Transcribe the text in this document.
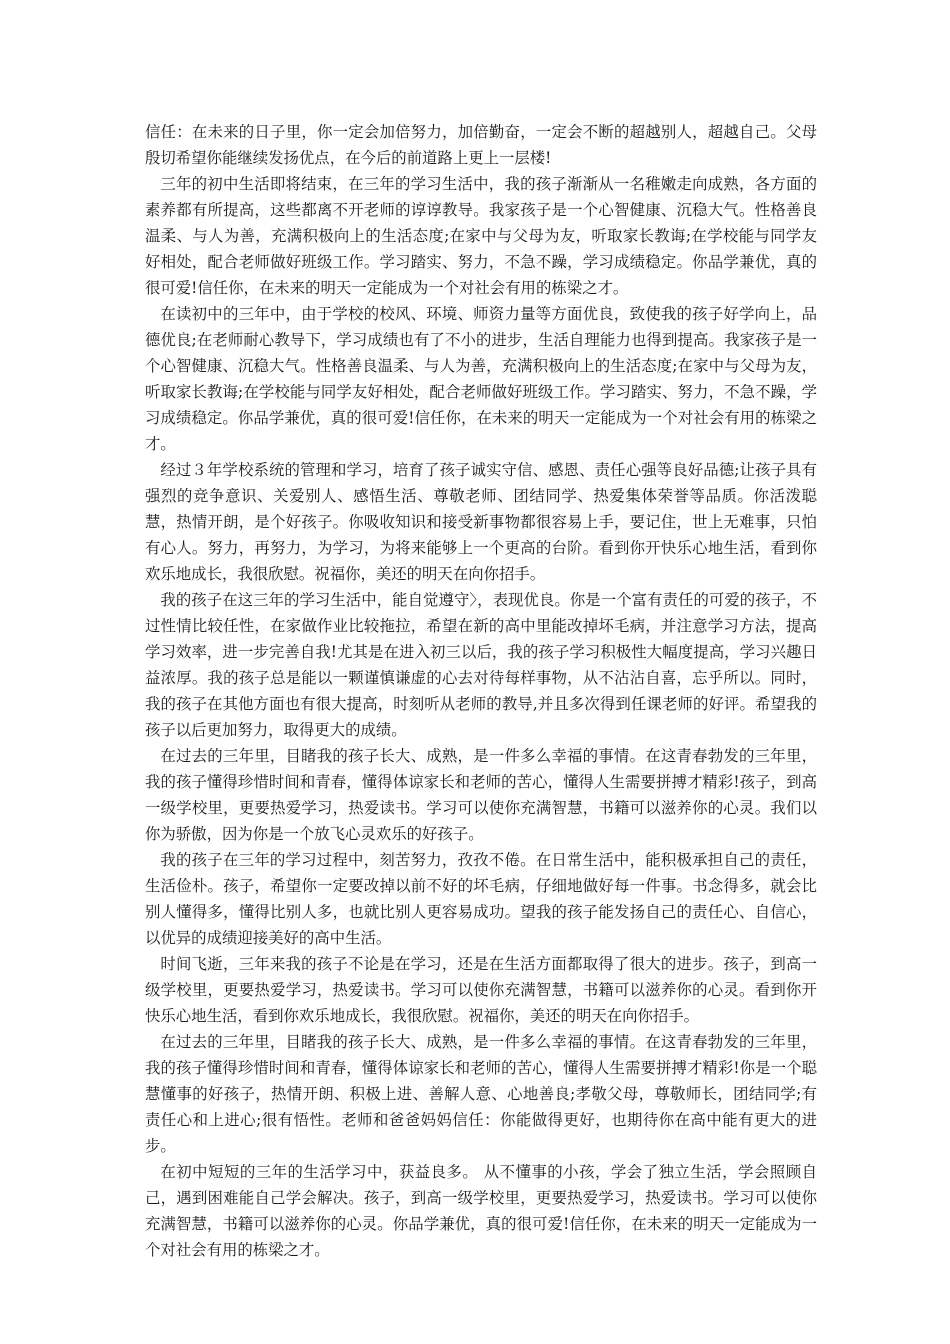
信任：在未来的日子里，你一定会加倍努力，加倍勤奋，一定会不断的超越别人，超越自己。父母殷切希望你能继续发扬优点，在今后的前道路上更上一层楼!

三年的初中生活即将结束，在三年的学习生活中，我的孩子渐渐从一名稚嫩走向成熟，各方面的素养都有所提高，这些都离不开老师的谆谆教导。我家孩子是一个心智健康、沉稳大气。性格善良温柔、与人为善，充满积极向上的生活态度;在家中与父母为友，听取家长教诲;在学校能与同学友好相处，配合老师做好班级工作。学习踏实、努力，不急不躁，学习成绩稳定。你品学兼优，真的很可爱!信任你，在未来的明天一定能成为一个对社会有用的栋梁之才。

在读初中的三年中，由于学校的校风、环境、师资力量等方面优良，致使我的孩子好学向上，品德优良;在老师耐心教导下，学习成绩也有了不小的进步，生活自理能力也得到提高。我家孩子是一个心智健康、沉稳大气。性格善良温柔、与人为善，充满积极向上的生活态度;在家中与父母为友，听取家长教诲;在学校能与同学友好相处，配合老师做好班级工作。学习踏实、努力，不急不躁，学习成绩稳定。你品学兼优，真的很可爱!信任你，在未来的明天一定能成为一个对社会有用的栋梁之才。

经过３年学校系统的管理和学习，培育了孩子诚实守信、感恩、责任心强等良好品德;让孩子具有强烈的竞争意识、关爱别人、感悟生活、尊敬老师、团结同学、热爱集体荣誉等品质。你活泼聪慧，热情开朗，是个好孩子。你吸收知识和接受新事物都很容易上手，要记住，世上无难事，只怕有心人。努力，再努力，为学习，为将来能够上一个更高的台阶。看到你开快乐心地生活，看到你欢乐地成长，我很欣慰。祝福你，美还的明天在向你招手。

我的孩子在这三年的学习生活中，能自觉遵守〉，表现优良。你是一个富有责任的可爱的孩子，不过性情比较任性，在家做作业比较拖拉，希望在新的高中里能改掉坏毛病，并注意学习方法，提高学习效率，进一步完善自我!尤其是在进入初三以后，我的孩子学习积极性大幅度提高，学习兴趣日益浓厚。我的孩子总是能以一颗谨慎谦虚的心去对待每样事物，从不沾沾自喜，忘乎所以。同时，我的孩子在其他方面也有很大提高，时刻听从老师的教导,并且多次得到任课老师的好评。希望我的孩子以后更加努力，取得更大的成绩。

在过去的三年里，目睹我的孩子长大、成熟，是一件多么幸福的事情。在这青春勃发的三年里，我的孩子懂得珍惜时间和青春，懂得体谅家长和老师的苦心，懂得人生需要拼搏才精彩!孩子，到高一级学校里，更要热爱学习，热爱读书。学习可以使你充满智慧，书籍可以滋养你的心灵。我们以你为骄傲，因为你是一个放飞心灵欢乐的好孩子。

我的孩子在三年的学习过程中，刻苦努力，孜孜不倦。在日常生活中，能积极承担自己的责任，生活俭朴。孩子，希望你一定要改掉以前不好的坏毛病，仔细地做好每一件事。书念得多，就会比别人懂得多，懂得比别人多，也就比别人更容易成功。望我的孩子能发扬自己的责任心、自信心，以优异的成绩迎接美好的高中生活。

时间飞逝，三年来我的孩子不论是在学习，还是在生活方面都取得了很大的进步。孩子，到高一级学校里，更要热爱学习，热爱读书。学习可以使你充满智慧，书籍可以滋养你的心灵。看到你开快乐心地生活，看到你欢乐地成长，我很欣慰。祝福你，美还的明天在向你招手。

在过去的三年里，目睹我的孩子长大、成熟，是一件多么幸福的事情。在这青春勃发的三年里，我的孩子懂得珍惜时间和青春，懂得体谅家长和老师的苦心，懂得人生需要拼搏才精彩!你是一个聪慧懂事的好孩子，热情开朗、积极上进、善解人意、心地善良;孝敬父母，尊敬师长，团结同学;有责任心和上进心;很有悟性。老师和爸爸妈妈信任：你能做得更好，也期待你在高中能有更大的进步。

在初中短短的三年的生活学习中，获益良多。 从不懂事的小孩，学会了独立生活，学会照顾自己，遇到困难能自己学会解决。孩子，到高一级学校里，更要热爱学习，热爱读书。学习可以使你充满智慧，书籍可以滋养你的心灵。你品学兼优，真的很可爱!信任你，在未来的明天一定能成为一个对社会有用的栋梁之才。
